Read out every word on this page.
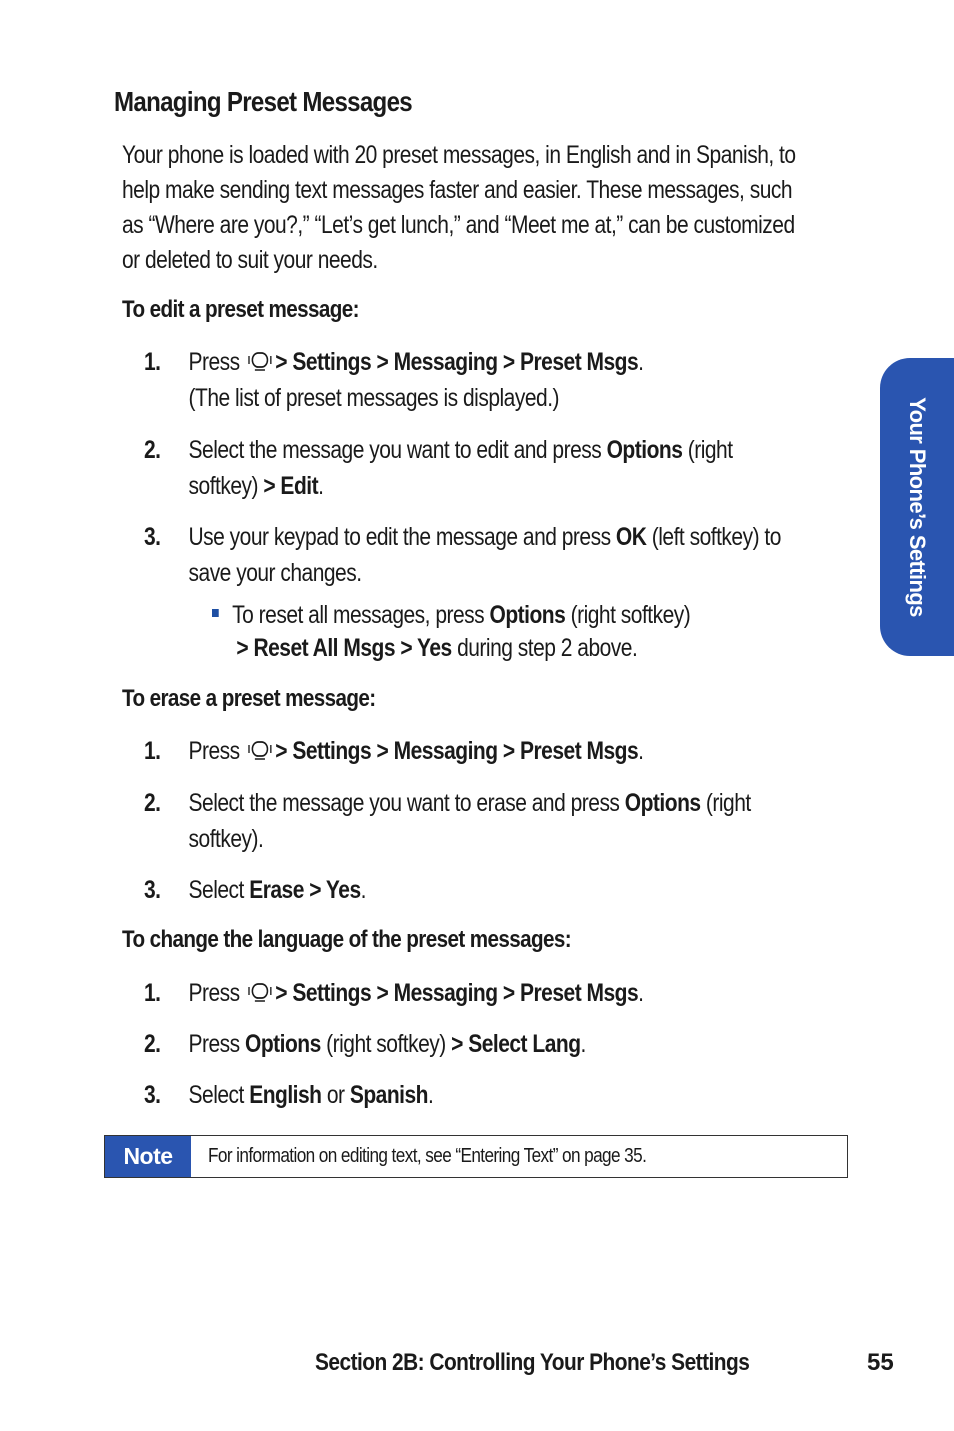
Managing Preset Messages

Your phone is loaded with 20 preset messages, in English and in Spanish, to

help make sending text messages faster and easier. These messages, such

as “Where are you?,” “Let’s get lunch,” and “Meet me at,” can be customized

or deleted to suit your needs.

To edit a preset message:
1. Press > Settings > Messaging > Preset Msgs.
(The list of preset messages is displayed.)
2. Select the message you want to edit and press Options (right
softkey) > Edit.
3. Use your keypad to edit the message and press OK (left softkey) to
save your changes.
To reset all messages, press Options (right softkey)
> Reset All Msgs > Yes during step 2 above.
To erase a preset message:
1. Press > Settings > Messaging > Preset Msgs.
2. Select the message you want to erase and press Options (right
softkey).
3. Select Erase > Yes.
To change the language of the preset messages:
1. Press > Settings > Messaging > Preset Msgs.
2. Press Options (right softkey) > Select Lang.
3. Select English or Spanish.
Note	For information on editing text, see “Entering Text” on page 35.
Your Phone’s Settings
Section 2B: Controlling Your Phone’s Settings	55
